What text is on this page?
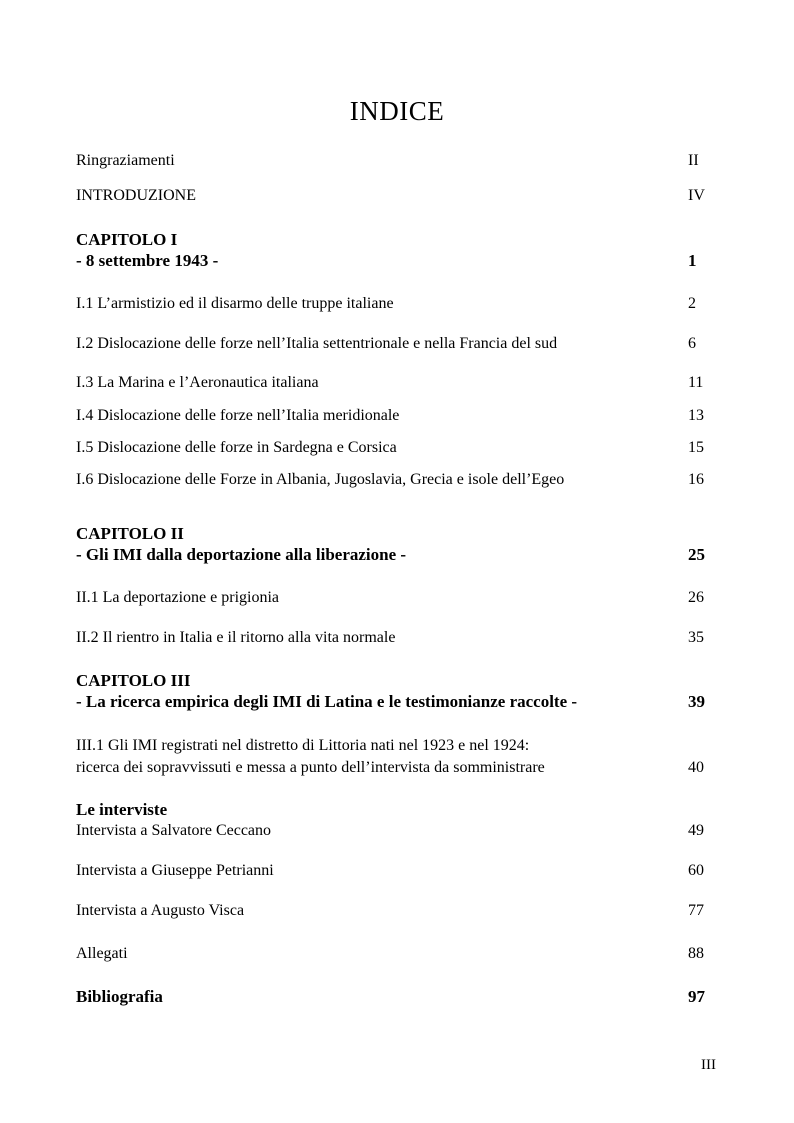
INDICE
Ringraziamenti	II
INTRODUZIONE	IV
CAPITOLO I
- 8 settembre 1943 -	1
I.1 L’armistizio ed il disarmo delle truppe italiane	2
I.2 Dislocazione delle forze nell’Italia settentrionale e nella Francia del sud	6
I.3 La Marina e l’Aeronautica italiana	11
I.4 Dislocazione delle forze nell’Italia meridionale	13
I.5 Dislocazione delle forze in Sardegna e Corsica	15
I.6 Dislocazione delle Forze in Albania, Jugoslavia, Grecia e isole dell’Egeo	16
CAPITOLO II
- Gli IMI dalla deportazione alla liberazione -	25
II.1 La deportazione e prigionia	26
II.2 Il rientro in Italia e il ritorno alla vita normale	35
CAPITOLO III
- La ricerca empirica degli IMI di Latina e le testimonianze raccolte -	39
III.1 Gli IMI registrati nel distretto di Littoria nati nel 1923 e nel 1924:
ricerca dei sopravvissuti e messa a punto dell’intervista da somministrare	40
Le interviste
Intervista a Salvatore Ceccano	49
Intervista a Giuseppe Petrianni	60
Intervista a Augusto Visca	77
Allegati	88
Bibliografia	97
III
